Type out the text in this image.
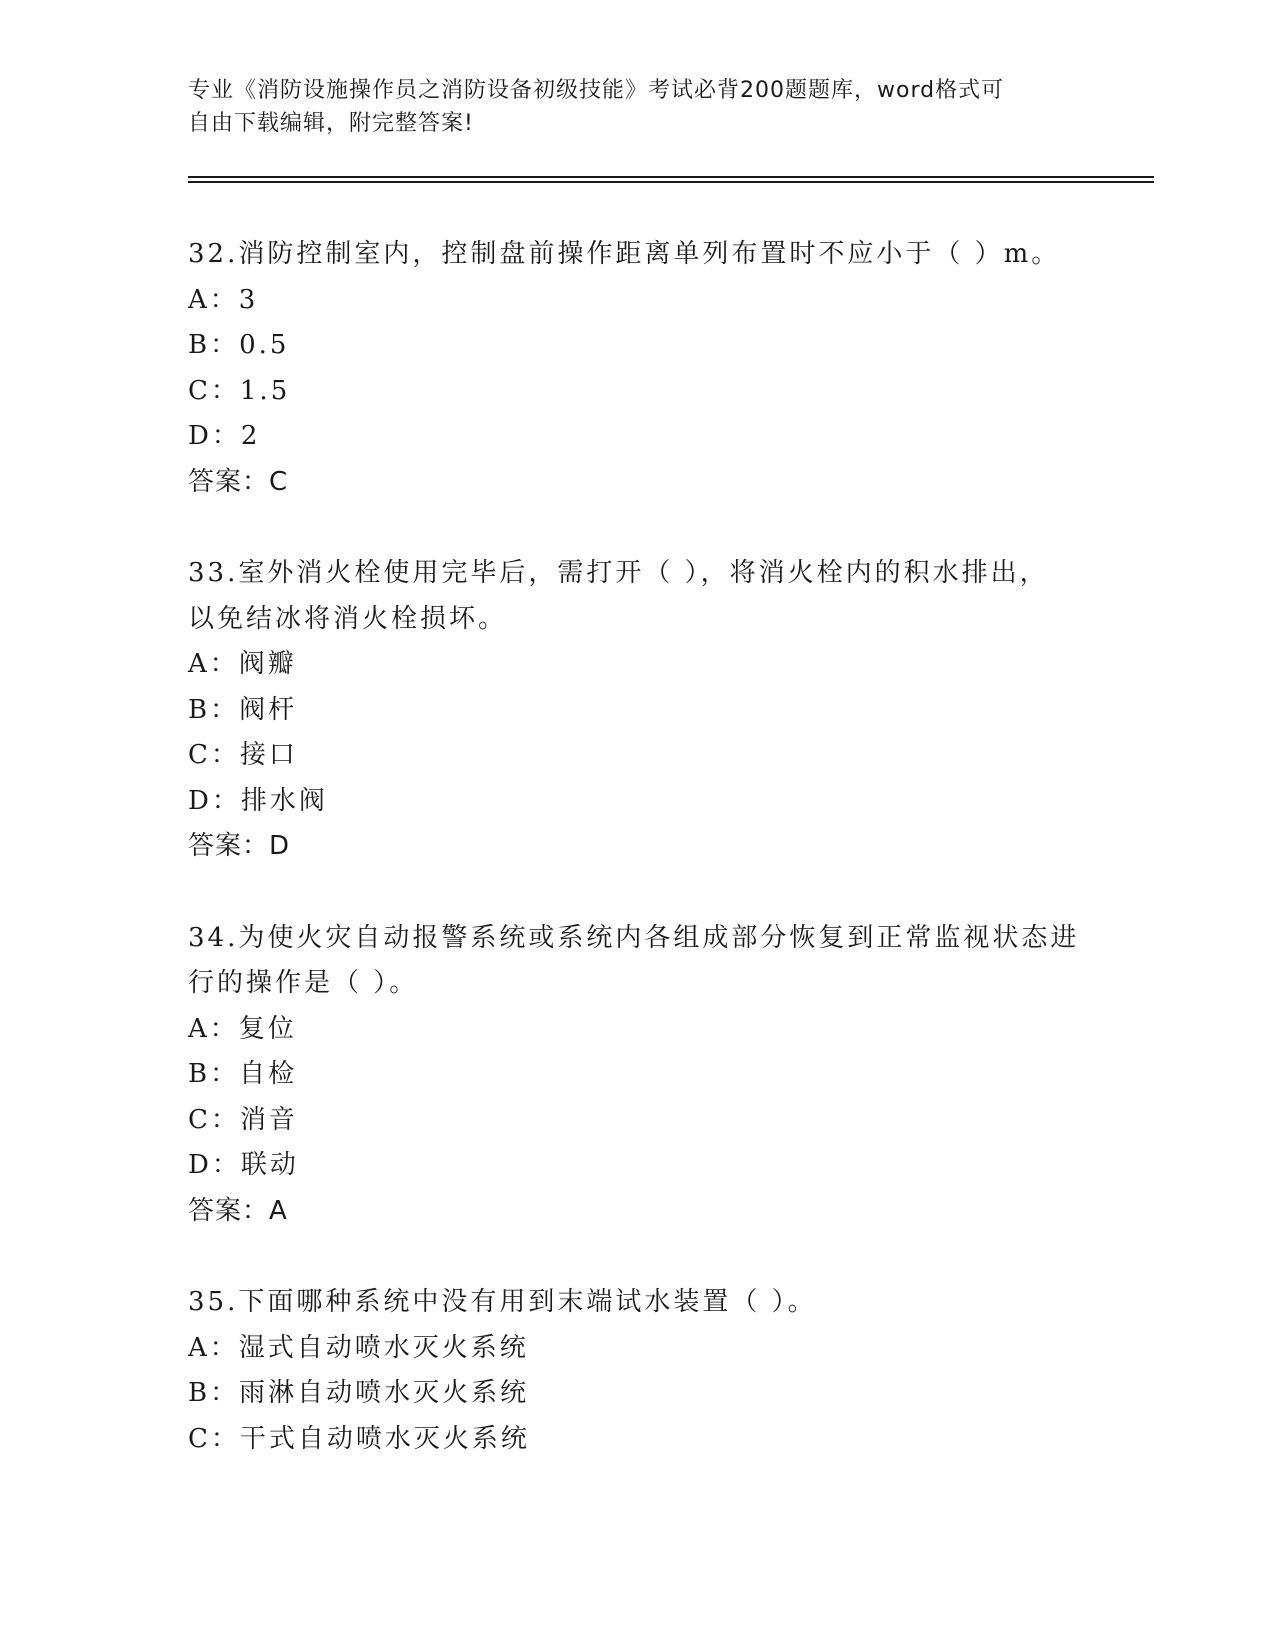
专业《消防设施操作员之消防设备初级技能》考试必背200题题库，word格式可

自由下载编辑，附完整答案!

32.消防控制室内，控制盘前操作距离单列布置时不应小于（ ）m。

A：3

B：0.5

C：1.5

D：2

答案：C

33.室外消火栓使用完毕后，需打开（ ），将消火栓内的积水排出，

以免结冰将消火栓损坏。

A：阀瓣

B：阀杆

C：接口

D：排水阀

答案：D

34.为使火灾自动报警系统或系统内各组成部分恢复到正常监视状态进

行的操作是（ ）。

A：复位

B：自检

C：消音

D：联动

答案：A

35.下面哪种系统中没有用到末端试水装置（ ）。

A：湿式自动喷水灭火系统

B：雨淋自动喷水灭火系统

C：干式自动喷水灭火系统
